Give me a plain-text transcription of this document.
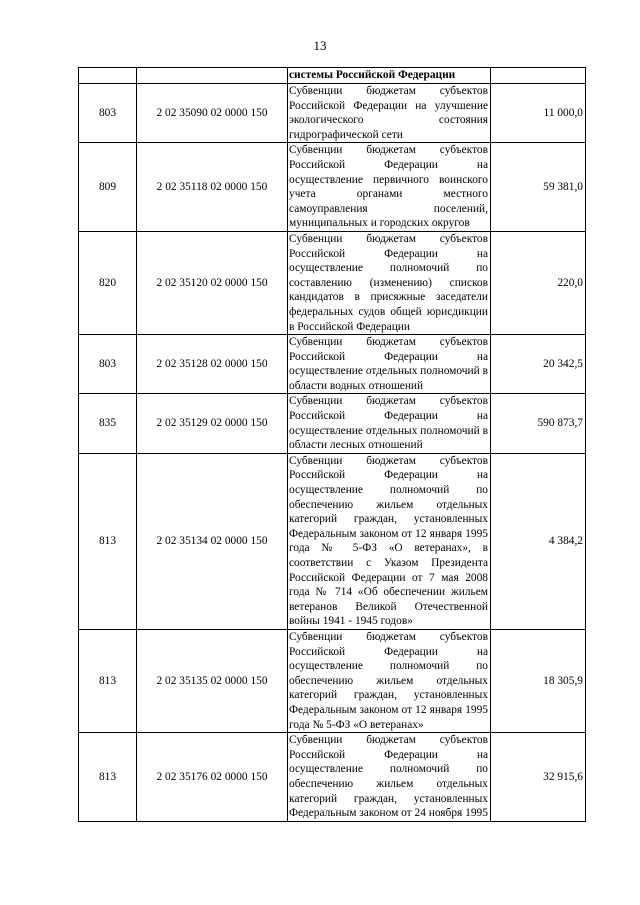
13
		системы Российской Федерации	
803	2 02 35090 02 0000 150	Субвенции бюджетам субъектов Российской Федерации на улучшение экологического состояния гидрографической сети	11 000,0
809	2 02 35118 02 0000 150	Субвенции бюджетам субъектов Российской Федерации на осуществление первичного воинского учета органами местного самоуправления поселений, муниципальных и городских округов	59 381,0
820	2 02 35120 02 0000 150	Субвенции бюджетам субъектов Российской Федерации на осуществление полномочий по составлению (изменению) списков кандидатов в присяжные заседатели федеральных судов общей юрисдикции в Российской Федерации	220,0
803	2 02 35128 02 0000 150	Субвенции бюджетам субъектов Российской Федерации на осуществление отдельных полномочий в области водных отношений	20 342,5
835	2 02 35129 02 0000 150	Субвенции бюджетам субъектов Российской Федерации на осуществление отдельных полномочий в области лесных отношений	590 873,7
813	2 02 35134 02 0000 150	Субвенции бюджетам субъектов Российской Федерации на осуществление полномочий по обеспечению жильем отдельных категорий граждан, установленных Федеральным законом от 12 января 1995 года № 5-ФЗ «О ветеранах», в соответствии с Указом Президента Российской Федерации от 7 мая 2008 года № 714 «Об обеспечении жильем ветеранов Великой Отечественной войны 1941 - 1945 годов»	4 384,2
813	2 02 35135 02 0000 150	Субвенции бюджетам субъектов Российской Федерации на осуществление полномочий по обеспечению жильем отдельных категорий граждан, установленных Федеральным законом от 12 января 1995 года № 5-ФЗ «О ветеранах»	18 305,9
813	2 02 35176 02 0000 150	Субвенции бюджетам субъектов Российской Федерации на осуществление полномочий по обеспечению жильем отдельных категорий граждан, установленных Федеральным законом от 24 ноября 1995	32 915,6
